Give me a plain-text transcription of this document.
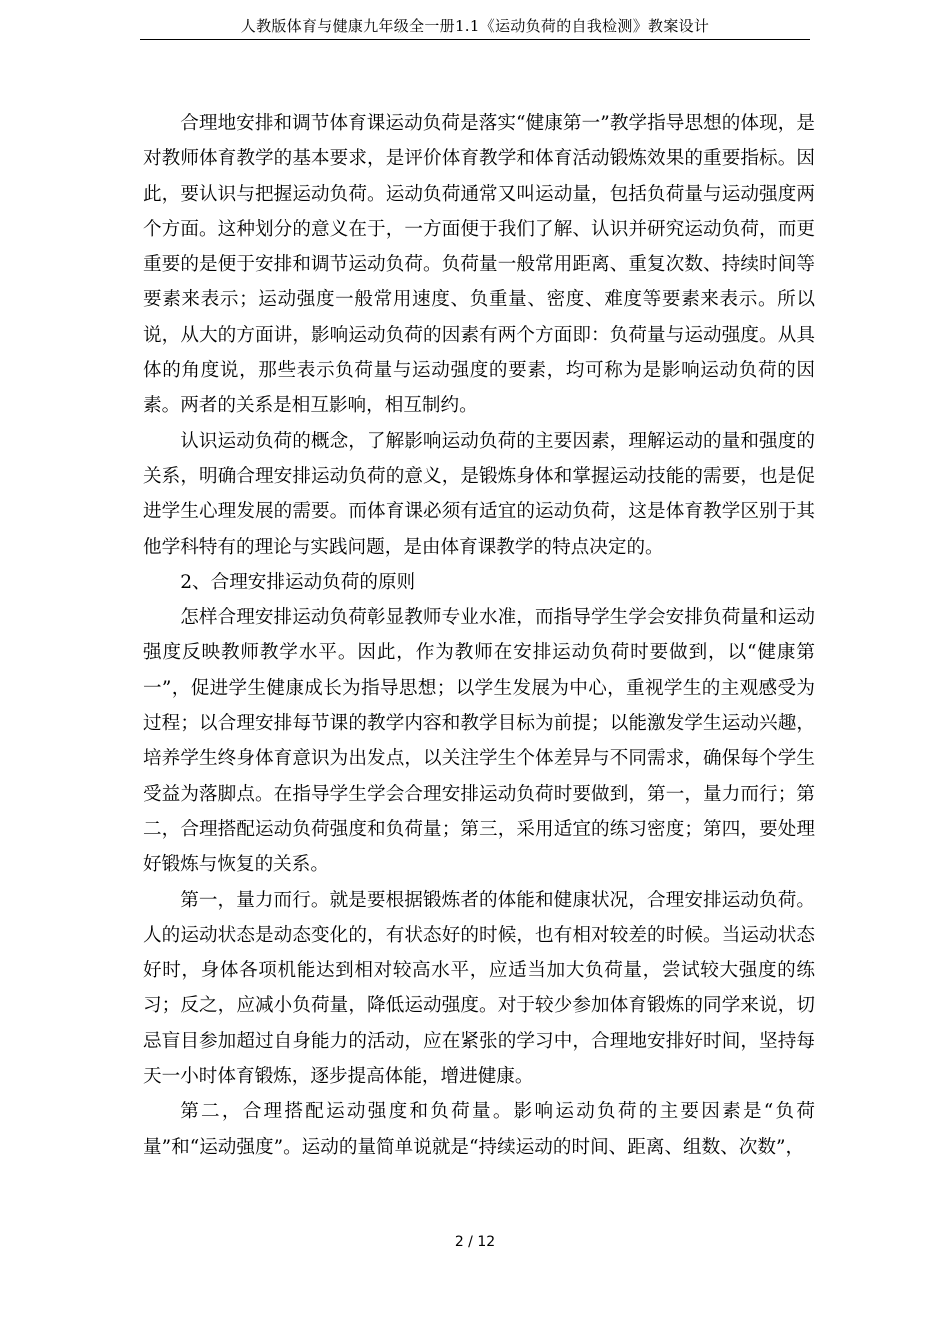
人教版体育与健康九年级全一册1.1《运动负荷的自我检测》教案设计

合理地安排和调节体育课运动负荷是落实“健康第一”教学指导思想的体现，是对教师体育教学的基本要求，是评价体育教学和体育活动锻炼效果的重要指标。因此，要认识与把握运动负荷。运动负荷通常又叫运动量，包括负荷量与运动强度两个方面。这种划分的意义在于，一方面便于我们了解、认识并研究运动负荷，而更重要的是便于安排和调节运动负荷。负荷量一般常用距离、重复次数、持续时间等要素来表示；运动强度一般常用速度、负重量、密度、难度等要素来表示。所以说，从大的方面讲，影响运动负荷的因素有两个方面即：负荷量与运动强度。从具体的角度说，那些表示负荷量与运动强度的要素，均可称为是影响运动负荷的因素。两者的关系是相互影响，相互制约。

认识运动负荷的概念，了解影响运动负荷的主要因素，理解运动的量和强度的关系，明确合理安排运动负荷的意义，是锻炼身体和掌握运动技能的需要，也是促进学生心理发展的需要。而体育课必须有适宜的运动负荷，这是体育教学区别于其他学科特有的理论与实践问题，是由体育课教学的特点决定的。

2、合理安排运动负荷的原则

怎样合理安排运动负荷彰显教师专业水准，而指导学生学会安排负荷量和运动强度反映教师教学水平。因此，作为教师在安排运动负荷时要做到，以“健康第一”，促进学生健康成长为指导思想；以学生发展为中心，重视学生的主观感受为过程；以合理安排每节课的教学内容和教学目标为前提；以能激发学生运动兴趣，培养学生终身体育意识为出发点，以关注学生个体差异与不同需求，确保每个学生受益为落脚点。在指导学生学会合理安排运动负荷时要做到，第一，量力而行；第二，合理搭配运动负荷强度和负荷量；第三，采用适宜的练习密度；第四，要处理好锻炼与恢复的关系。

第一，量力而行。就是要根据锻炼者的体能和健康状况，合理安排运动负荷。人的运动状态是动态变化的，有状态好的时候，也有相对较差的时候。当运动状态好时，身体各项机能达到相对较高水平，应适当加大负荷量，尝试较大强度的练习；反之，应减小负荷量，降低运动强度。对于较少参加体育锻炼的同学来说，切忌盲目参加超过自身能力的活动，应在紧张的学习中，合理地安排好时间，坚持每天一小时体育锻炼，逐步提高体能，增进健康。

第二，合理搭配运动强度和负荷量。影响运动负荷的主要因素是“负荷量”和“运动强度”。运动的量简单说就是“持续运动的时间、距离、组数、次数”，

2 / 12
